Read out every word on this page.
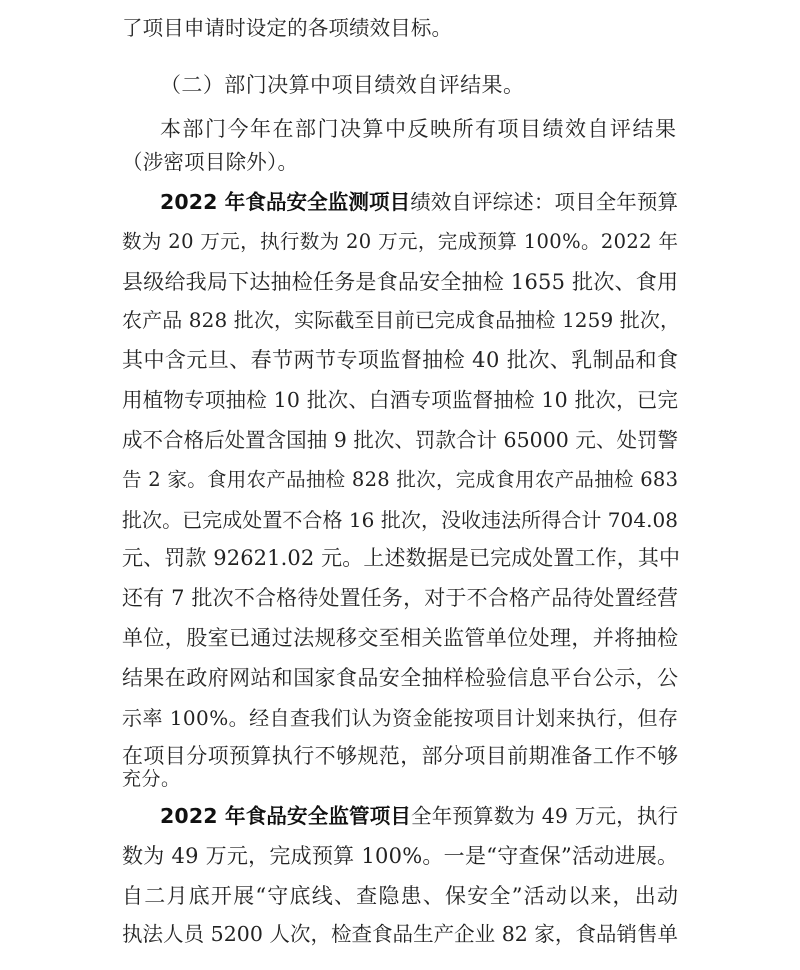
了项目申请时设定的各项绩效目标。
（二）部门决算中项目绩效自评结果。
本部门今年在部门决算中反映所有项目绩效自评结果
（涉密项目除外）。
2022 年食品安全监测项目绩效自评综述：项目全年预算
数为 20 万元，执行数为 20 万元，完成预算 100%。2022 年
县级给我局下达抽检任务是食品安全抽检 1655 批次、食用
农产品 828 批次，实际截至目前已完成食品抽检 1259 批次，
其中含元旦、春节两节专项监督抽检 40 批次、乳制品和食
用植物专项抽检 10 批次、白酒专项监督抽检 10 批次，已完
成不合格后处置含国抽 9 批次、罚款合计 65000 元、处罚警
告 2 家。食用农产品抽检 828 批次，完成食用农产品抽检 683
批次。已完成处置不合格 16 批次，没收违法所得合计 704.08
元、罚款 92621.02 元。上述数据是已完成处置工作，其中
还有 7 批次不合格待处置任务，对于不合格产品待处置经营
单位，股室已通过法规移交至相关监管单位处理，并将抽检
结果在政府网站和国家食品安全抽样检验信息平台公示，公
示率 100%。经自查我们认为资金能按项目计划来执行，但存
在项目分项预算执行不够规范，部分项目前期准备工作不够
充分。
2022 年食品安全监管项目全年预算数为 49 万元，执行
数为 49 万元，完成预算 100%。一是“守查保”活动进展。
自二月底开展“守底线、查隐患、保安全”活动以来，出动
执法人员 5200 人次，检查食品生产企业 82 家，食品销售单
